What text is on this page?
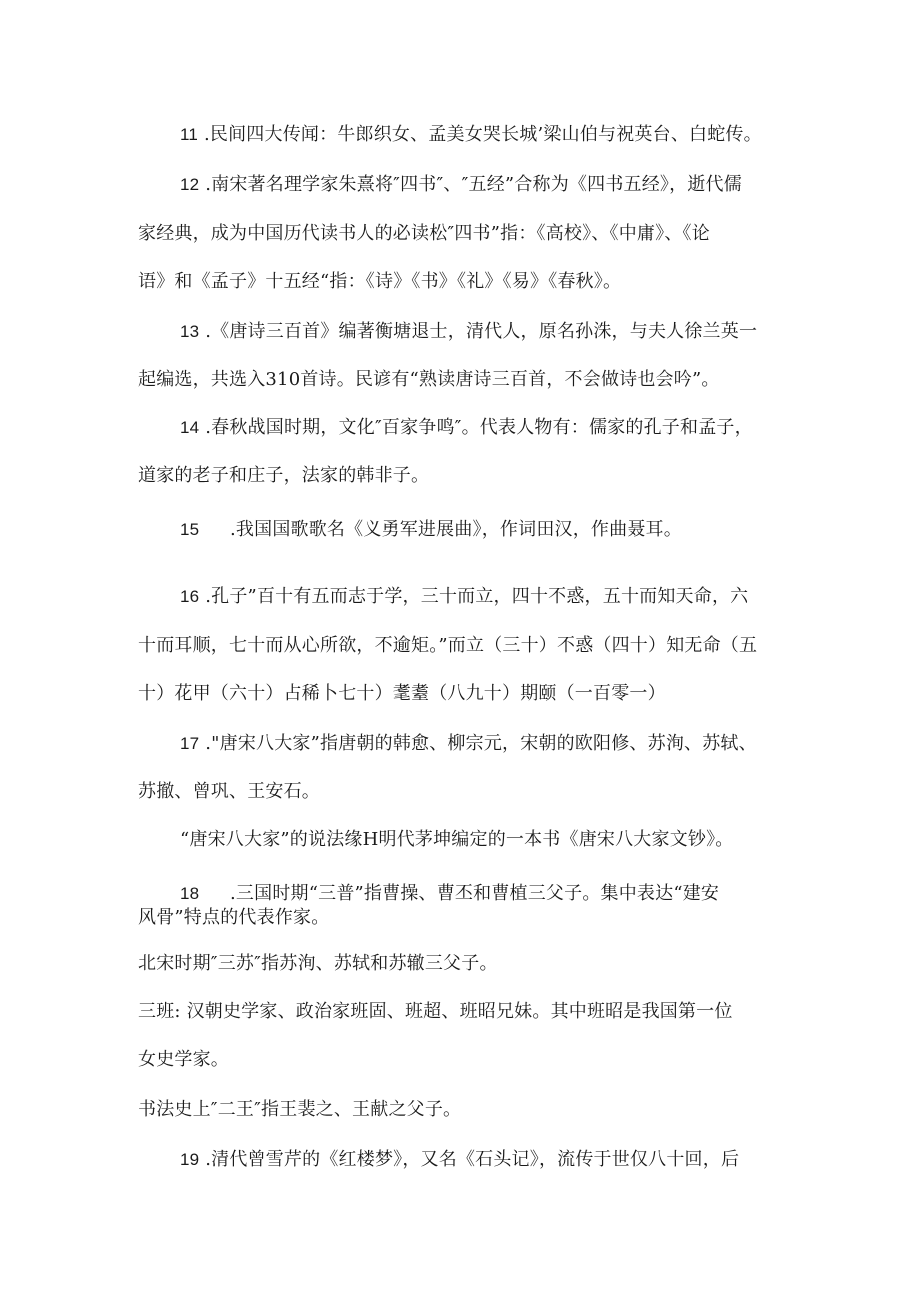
11 .民间四大传闻：牛郎织女、孟美女哭长城’梁山伯与祝英台、白蛇传。

12 .南宋著名理学家朱熹将″四书″、″五经”合称为《四书五经》，逝代儒

家经典，成为中国历代读书人的必读松″四书”指：《高校》、《中庸》、《论

语》和《孟子》十五经“指：《诗》《书》《礼》《易》《春秋》。

13 .《唐诗三百首》编著衡塘退士，清代人，原名孙洙，与夫人徐兰英一

起编选，共选入310首诗。民谚有“熟读唐诗三百首，不会做诗也会吟”。

14 .春秋战国时期，文化″百家争鸣″。代表人物有：儒家的孔子和孟子，

道家的老子和庄子，法家的韩非子。

15 .我国国歌歌名《义勇军进展曲》，作词田汉，作曲聂耳。

16 .孔子”百十有五而志于学，三十而立，四十不惑，五十而知天命，六

十而耳顺，七十而从心所欲，不逾矩。”而立（三十）不惑（四十）知无命（五

十）花甲（六十）占稀卜七十）耄耋（八九十）期颐（一百零一）

17 ."唐宋八大家”指唐朝的韩愈、柳宗元，宋朝的欧阳修、苏洵、苏轼、

苏撤、曾巩、王安石。

“唐宋八大家”的说法缘H明代茅坤编定的一本书《唐宋八大家文钞》。

18 .三国时期“三普”指曹操、曹丕和曹植三父子。集中表达“建安

风骨”特点的代表作家。

北宋时期″三苏″指苏洵、苏轼和苏辙三父子。

三班: 汉朝史学家、政治家班固、班超、班昭兄妹。其中班昭是我国第一位

女史学家。

书法史上″二王″指王裴之、王献之父子。

19 .清代曾雪芹的《红楼梦》，又名《石头记》，流传于世仅八十回，后
